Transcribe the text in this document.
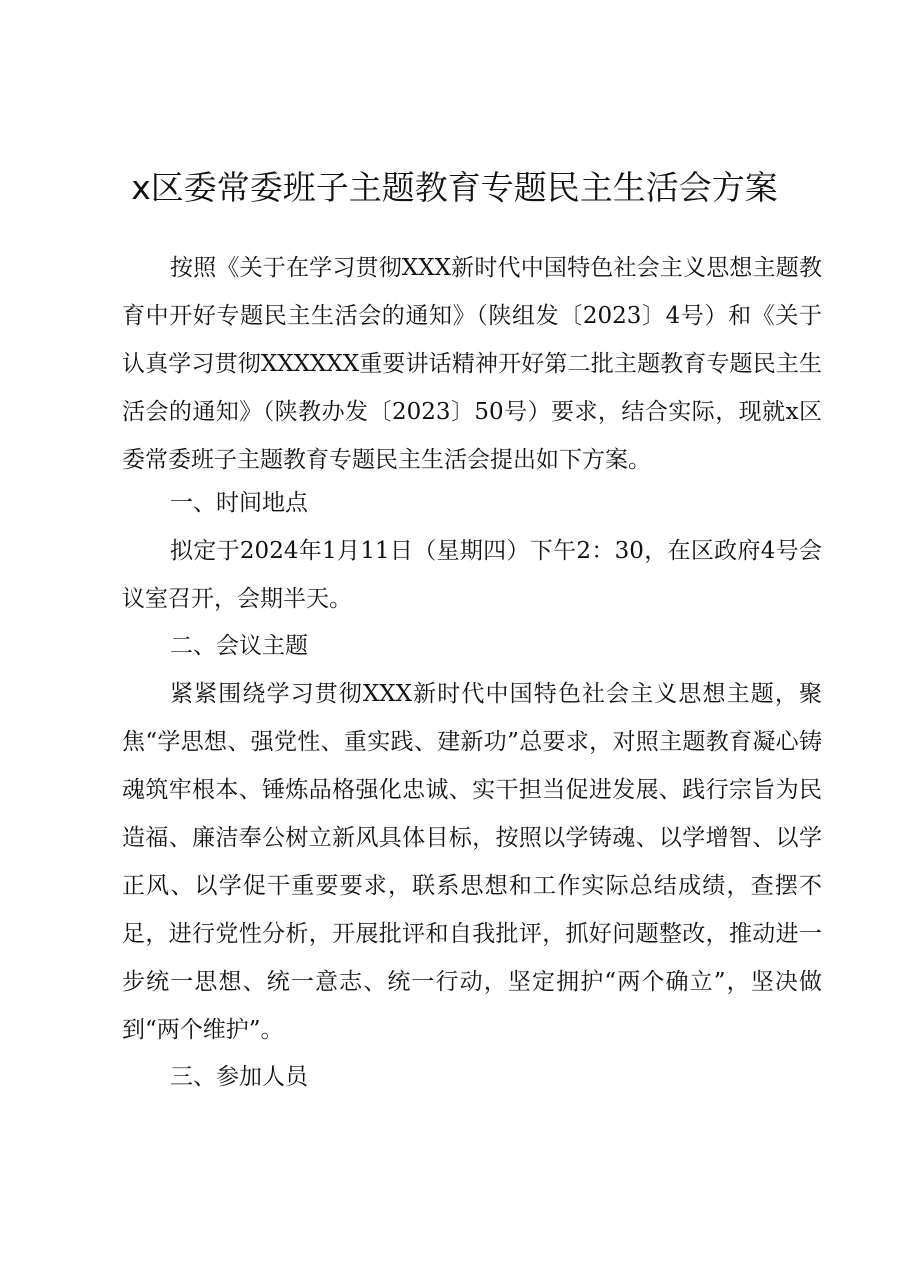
x区委常委班子主题教育专题民主生活会方案
按照《关于在学习贯彻XXX新时代中国特色社会主义思想主题教育中开好专题民主生活会的通知》（陕组发〔2023〕4号）和《关于认真学习贯彻XXXXXX重要讲话精神开好第二批主题教育专题民主生活会的通知》（陕教办发〔2023〕50号）要求，结合实际，现就x区委常委班子主题教育专题民主生活会提出如下方案。
一、时间地点
拟定于2024年1月11日（星期四）下午2：30，在区政府4号会议室召开，会期半天。
二、会议主题
紧紧围绕学习贯彻XXX新时代中国特色社会主义思想主题，聚焦“学思想、强党性、重实践、建新功”总要求，对照主题教育凝心铸魂筑牢根本、锤炼品格强化忠诚、实干担当促进发展、践行宗旨为民造福、廉洁奉公树立新风具体目标，按照以学铸魂、以学增智、以学正风、以学促干重要要求，联系思想和工作实际总结成绩，查摆不足，进行党性分析，开展批评和自我批评，抓好问题整改，推动进一步统一思想、统一意志、统一行动，坚定拥护“两个确立”，坚决做到“两个维护”。
三、参加人员
